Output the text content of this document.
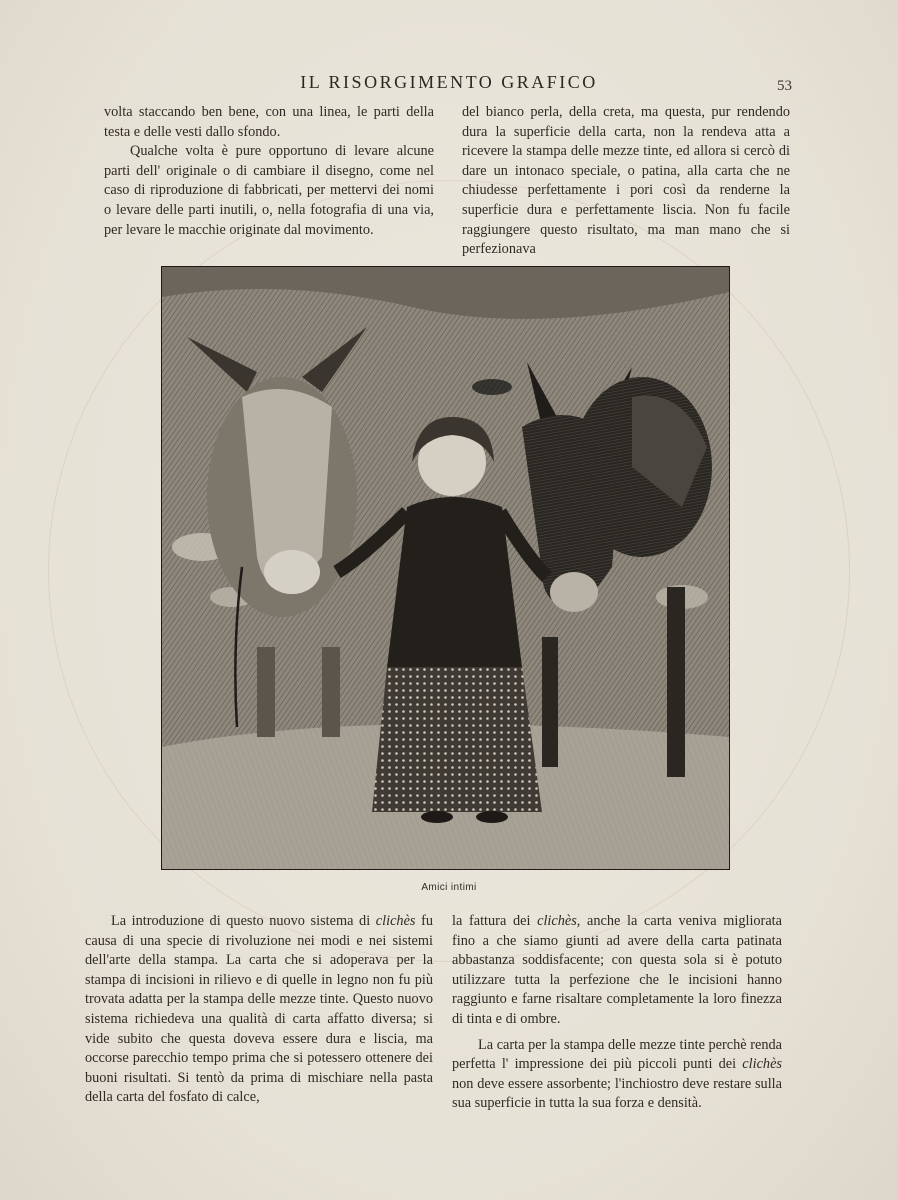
IL RISORGIMENTO GRAFICO	53

volta staccando ben bene, con una linea, le parti della testa e delle vesti dallo sfondo.

Qualche volta è pure opportuno di levare alcune parti dell' originale o di cambiare il disegno, come nel caso di riproduzione di fabbricati, per mettervi dei nomi o levare delle parti inutili, o, nella fotografia di una via, per levare le macchie originate dal movimento.

del bianco perla, della creta, ma questa, pur rendendo dura la superficie della carta, non la rendeva atta a ricevere la stampa delle mezze tinte, ed allora si cercò di dare un intonaco speciale, o patina, alla carta che ne chiudesse perfettamente i pori così da renderne la superficie dura e perfettamente liscia. Non fu facile raggiungere questo risultato, ma man mano che si perfezionava

Amici intimi

La introduzione di questo nuovo sistema di clichès fu causa di una specie di rivoluzione nei modi e nei sistemi dell'arte della stampa. La carta che si adoperava per la stampa di incisioni in rilievo e di quelle in legno non fu più trovata adatta per la stampa delle mezze tinte. Questo nuovo sistema richiedeva una qualità di carta affatto diversa; si vide subito che questa doveva essere dura e liscia, ma occorse parecchio tempo prima che si potessero ottenere dei buoni risultati. Si tentò da prima di mischiare nella pasta della carta del fosfato di calce,

la fattura dei clichès, anche la carta veniva migliorata fino a che siamo giunti ad avere della carta patinata abbastanza soddisfacente; con questa sola si è potuto utilizzare tutta la perfezione che le incisioni hanno raggiunto e farne risaltare completamente la loro finezza di tinta e di ombre.

La carta per la stampa delle mezze tinte perchè renda perfetta l' impressione dei più piccoli punti dei clichès non deve essere assorbente; l'inchiostro deve restare sulla sua superficie in tutta la sua forza e densità.
